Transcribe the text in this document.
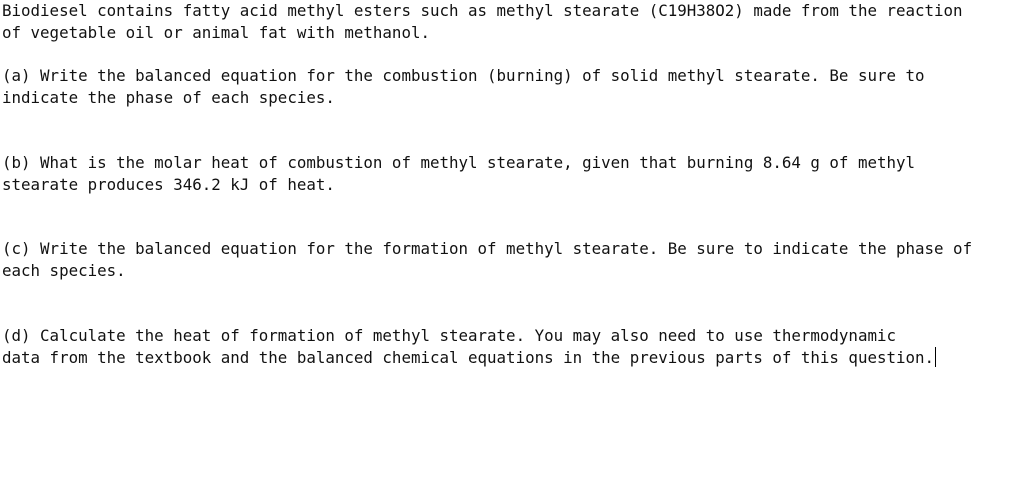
Biodiesel contains fatty acid methyl esters such as methyl stearate (C19H38O2) made from the reaction

of vegetable oil or animal fat with methanol.

(a) Write the balanced equation for the combustion (burning) of solid methyl stearate. Be sure to

indicate the phase of each species.

(b) What is the molar heat of combustion of methyl stearate, given that burning 8.64 g of methyl

stearate produces 346.2 kJ of heat.

(c) Write the balanced equation for the formation of methyl stearate. Be sure to indicate the phase of

each species.

(d) Calculate the heat of formation of methyl stearate. You may also need to use thermodynamic

data from the textbook and the balanced chemical equations in the previous parts of this question.
